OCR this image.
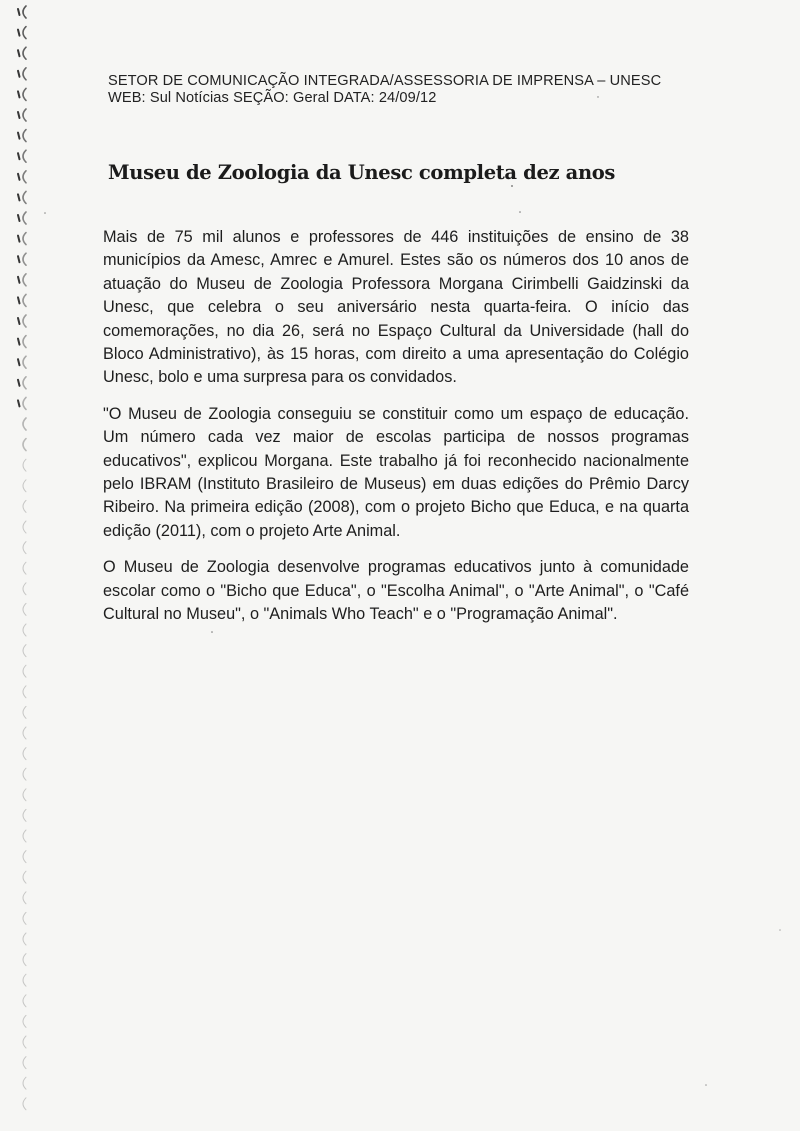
SETOR DE COMUNICAÇÃO INTEGRADA/ASSESSORIA DE IMPRENSA – UNESC
WEB: Sul Notícias SEÇÃO: Geral DATA: 24/09/12
Museu de Zoologia da Unesc completa dez anos

Mais de 75 mil alunos e professores de 446 instituições de ensino de 38 municípios da Amesc, Amrec e Amurel. Estes são os números dos 10 anos de atuação do Museu de Zoologia Professora Morgana Cirimbelli Gaidzinski da Unesc, que celebra o seu aniversário nesta quarta-feira. O início das comemorações, no dia 26, será no Espaço Cultural da Universidade (hall do Bloco Administrativo), às 15 horas, com direito a uma apresentação do Colégio Unesc, bolo e uma surpresa para os convidados.

"O Museu de Zoologia conseguiu se constituir como um espaço de educação. Um número cada vez maior de escolas participa de nossos programas educativos", explicou Morgana. Este trabalho já foi reconhecido nacionalmente pelo IBRAM (Instituto Brasileiro de Museus) em duas edições do Prêmio Darcy Ribeiro. Na primeira edição (2008), com o projeto Bicho que Educa, e na quarta edição (2011), com o projeto Arte Animal.

O Museu de Zoologia desenvolve programas educativos junto à comunidade escolar como o "Bicho que Educa", o "Escolha Animal", o "Arte Animal", o "Café Cultural no Museu", o "Animals Who Teach" e o "Programação Animal".
